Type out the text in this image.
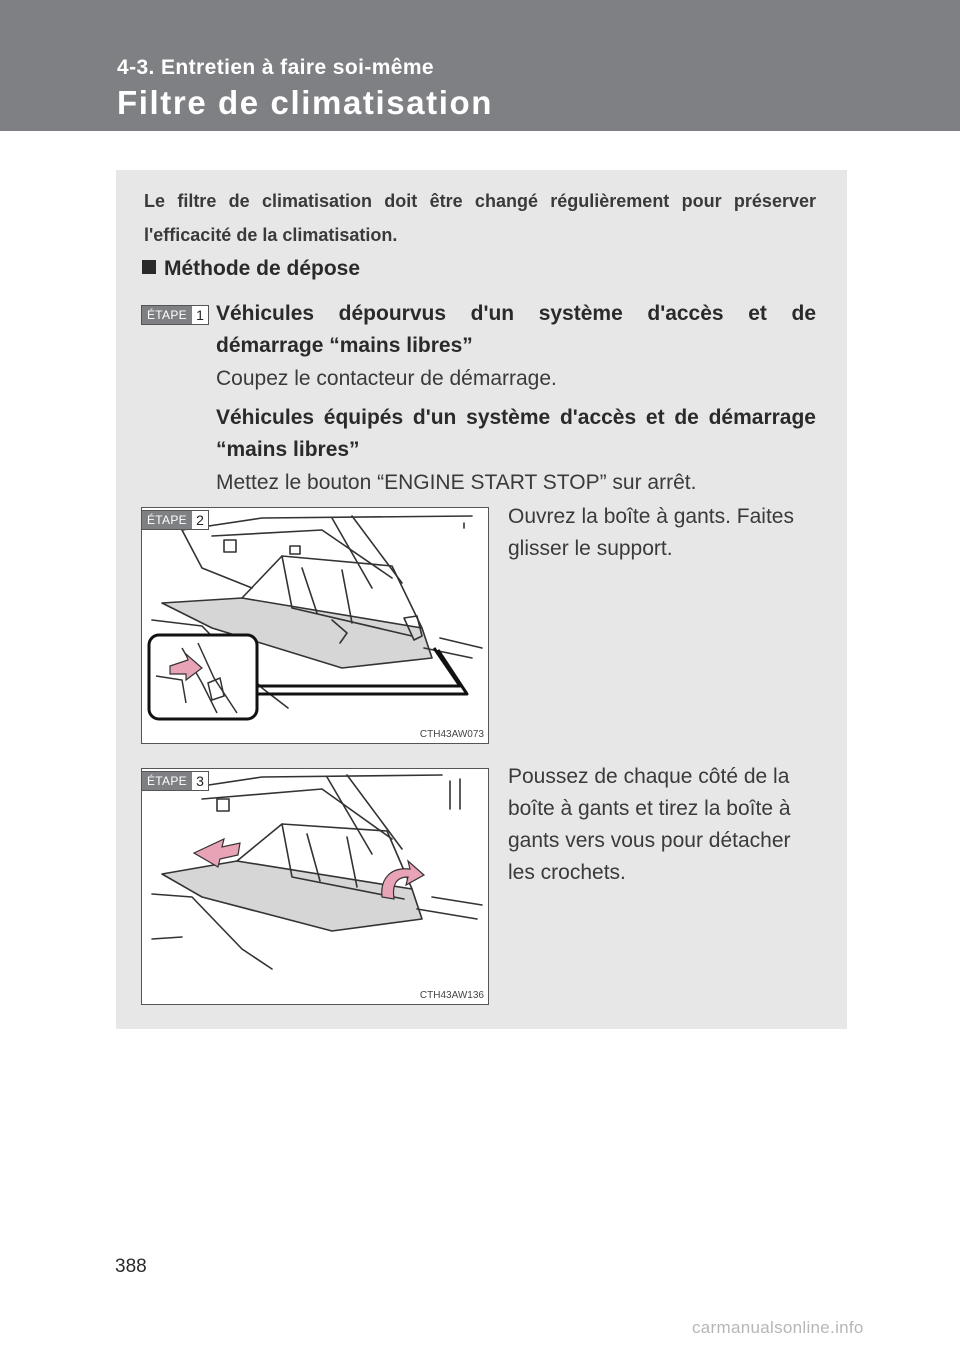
4-3. Entretien à faire soi-même
Filtre de climatisation
Le filtre de climatisation doit être changé régulièrement pour préserver l'efficacité de la climatisation.
Méthode de dépose
ÉTAPE 1 Véhicules dépourvus d'un système d'accès et de démarrage “mains libres”
Coupez le contacteur de démarrage.
Véhicules équipés d'un système d'accès et de démarrage “mains libres”
Mettez le bouton “ENGINE START STOP” sur arrêt.
CTH43AW073
ÉTAPE 2	Ouvrez la boîte à gants. Faites glisser le support.
CTH43AW136
ÉTAPE 3	Poussez de chaque côté de la boîte à gants et tirez la boîte à gants vers vous pour détacher les crochets.
388
carmanualsonline.info
